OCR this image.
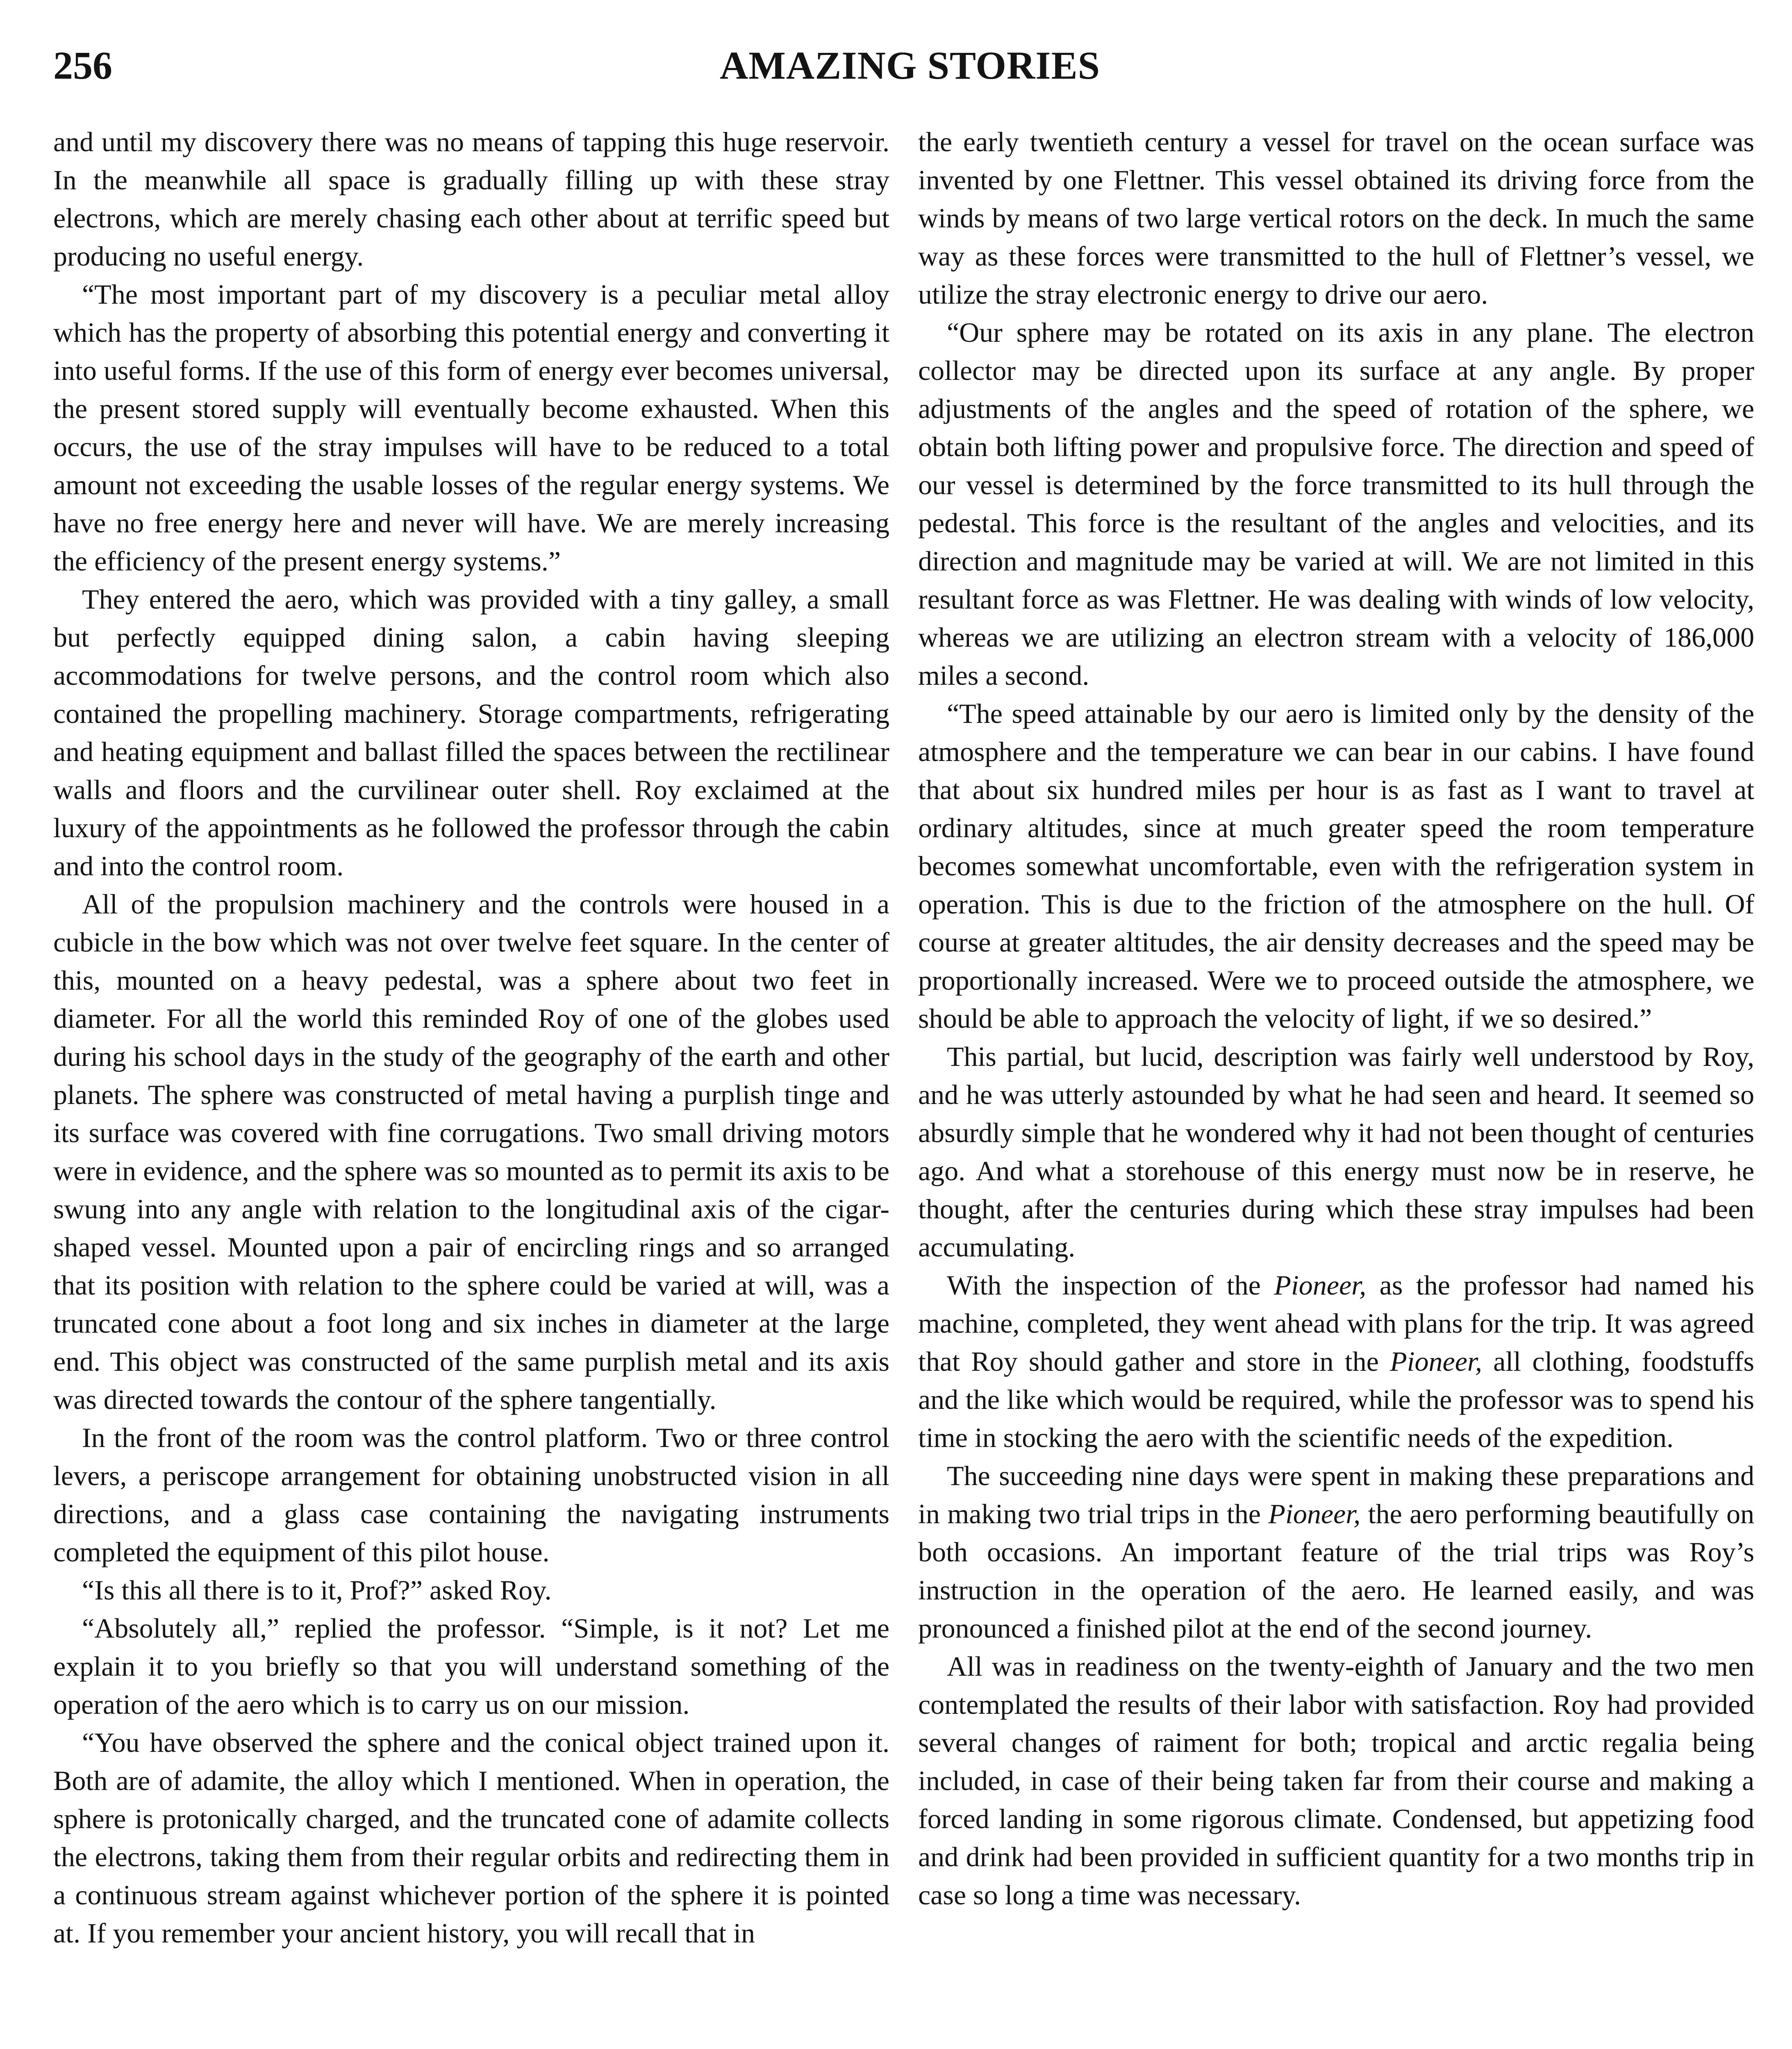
256	AMAZING STORIES

and until my discovery there was no means of tapping this huge reservoir. In the meanwhile all space is gradually filling up with these stray electrons, which are merely chasing each other about at terrific speed but producing no useful energy.

“The most important part of my discovery is a peculiar metal alloy which has the property of absorbing this potential energy and converting it into useful forms. If the use of this form of energy ever becomes universal, the present stored supply will eventually become exhausted. When this occurs, the use of the stray impulses will have to be reduced to a total amount not exceeding the usable losses of the regular energy systems. We have no free energy here and never will have. We are merely increasing the efficiency of the present energy systems.”

They entered the aero, which was provided with a tiny galley, a small but perfectly equipped dining salon, a cabin having sleeping accommodations for twelve persons, and the control room which also contained the propelling machinery. Storage compartments, refrigerating and heating equipment and ballast filled the spaces between the rectilinear walls and floors and the curvilinear outer shell. Roy exclaimed at the luxury of the appointments as he followed the professor through the cabin and into the control room.

All of the propulsion machinery and the controls were housed in a cubicle in the bow which was not over twelve feet square. In the center of this, mounted on a heavy pedestal, was a sphere about two feet in diameter. For all the world this reminded Roy of one of the globes used during his school days in the study of the geography of the earth and other planets. The sphere was constructed of metal having a purplish tinge and its surface was covered with fine corrugations. Two small driving motors were in evidence, and the sphere was so mounted as to permit its axis to be swung into any angle with relation to the longitudinal axis of the cigar-shaped vessel. Mounted upon a pair of encircling rings and so arranged that its position with relation to the sphere could be varied at will, was a truncated cone about a foot long and six inches in diameter at the large end. This object was constructed of the same purplish metal and its axis was directed towards the contour of the sphere tangentially.

In the front of the room was the control platform. Two or three control levers, a periscope arrangement for obtaining unobstructed vision in all directions, and a glass case containing the navigating instruments completed the equipment of this pilot house.

“Is this all there is to it, Prof?” asked Roy.

“Absolutely all,” replied the professor. “Simple, is it not? Let me explain it to you briefly so that you will understand something of the operation of the aero which is to carry us on our mission.

“You have observed the sphere and the conical object trained upon it. Both are of adamite, the alloy which I mentioned. When in operation, the sphere is protonically charged, and the truncated cone of adamite collects the electrons, taking them from their regular orbits and redirecting them in a continuous stream against whichever portion of the sphere it is pointed at. If you remember your ancient history, you will recall that in

the early twentieth century a vessel for travel on the ocean surface was invented by one Flettner. This vessel obtained its driving force from the winds by means of two large vertical rotors on the deck. In much the same way as these forces were transmitted to the hull of Flettner’s vessel, we utilize the stray electronic energy to drive our aero.

“Our sphere may be rotated on its axis in any plane. The electron collector may be directed upon its surface at any angle. By proper adjustments of the angles and the speed of rotation of the sphere, we obtain both lifting power and propulsive force. The direction and speed of our vessel is determined by the force transmitted to its hull through the pedestal. This force is the resultant of the angles and velocities, and its direction and magnitude may be varied at will. We are not limited in this resultant force as was Flettner. He was dealing with winds of low velocity, whereas we are utilizing an electron stream with a velocity of 186,000 miles a second.

“The speed attainable by our aero is limited only by the density of the atmosphere and the temperature we can bear in our cabins. I have found that about six hundred miles per hour is as fast as I want to travel at ordinary altitudes, since at much greater speed the room temperature becomes somewhat uncomfortable, even with the refrigeration system in operation. This is due to the friction of the atmosphere on the hull. Of course at greater altitudes, the air density decreases and the speed may be proportionally increased. Were we to proceed outside the atmosphere, we should be able to approach the velocity of light, if we so desired.”

This partial, but lucid, description was fairly well understood by Roy, and he was utterly astounded by what he had seen and heard. It seemed so absurdly simple that he wondered why it had not been thought of centuries ago. And what a storehouse of this energy must now be in reserve, he thought, after the centuries during which these stray impulses had been accumulating.

With the inspection of the Pioneer, as the professor had named his machine, completed, they went ahead with plans for the trip. It was agreed that Roy should gather and store in the Pioneer, all clothing, foodstuffs and the like which would be required, while the professor was to spend his time in stocking the aero with the scientific needs of the expedition.

The succeeding nine days were spent in making these preparations and in making two trial trips in the Pioneer, the aero performing beautifully on both occasions. An important feature of the trial trips was Roy’s instruction in the operation of the aero. He learned easily, and was pronounced a finished pilot at the end of the second journey.

All was in readiness on the twenty-eighth of January and the two men contemplated the results of their labor with satisfaction. Roy had provided several changes of raiment for both; tropical and arctic regalia being included, in case of their being taken far from their course and making a forced landing in some rigorous climate. Condensed, but appetizing food and drink had been provided in sufficient quantity for a two months trip in case so long a time was necessary.
